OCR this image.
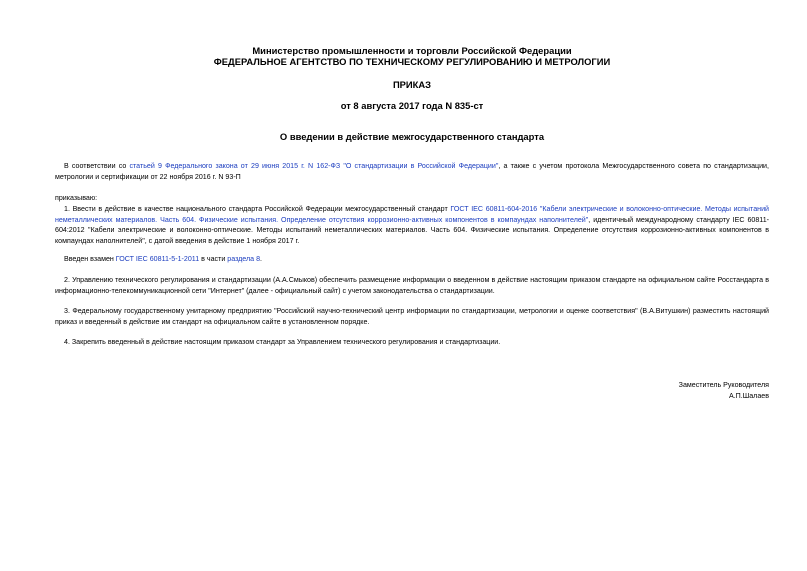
Министерство промышленности и торговли Российской Федерации
ФЕДЕРАЛЬНОЕ АГЕНТСТВО ПО ТЕХНИЧЕСКОМУ РЕГУЛИРОВАНИЮ И МЕТРОЛОГИИ
ПРИКАЗ
от 8 августа 2017 года N 835-ст
О введении в действие межгосударственного стандарта
В соответствии со статьей 9 Федерального закона от 29 июня 2015 г. N 162-ФЗ "О стандартизации в Российской Федерации", а также с учетом протокола Межгосударственного совета по стандартизации, метрологии и сертификации от 22 ноября 2016 г. N 93-П
приказываю:
1. Ввести в действие в качестве национального стандарта Российской Федерации межгосударственный стандарт ГОСТ IEC 60811-604-2016 "Кабели электрические и волоконно-оптические. Методы испытаний неметаллических материалов. Часть 604. Физические испытания. Определение отсутствия коррозионно-активных компонентов в компаундах наполнителей", идентичный международному стандарту IEC 60811-604:2012 "Кабели электрические и волоконно-оптические. Методы испытаний неметаллических материалов. Часть 604. Физические испытания. Определение отсутствия коррозионно-активных компонентов в компаундах наполнителей", с датой введения в действие 1 ноября 2017 г.
Введен взамен ГОСТ IEC 60811-5-1-2011 в части раздела 8.
2. Управлению технического регулирования и стандартизации (А.А.Смыков) обеспечить размещение информации о введенном в действие настоящим приказом стандарте на официальном сайте Росстандарта в информационно-телекоммуникационной сети "Интернет" (далее - официальный сайт) с учетом законодательства о стандартизации.
3. Федеральному государственному унитарному предприятию "Российский научно-технический центр информации по стандартизации, метрологии и оценке соответствия" (В.А.Витушкин) разместить настоящий приказ и введенный в действие им стандарт на официальном сайте в установленном порядке.
4. Закрепить введенный в действие настоящим приказом стандарт за Управлением технического регулирования и стандартизации.
Заместитель Руководителя
А.П.Шалаев
